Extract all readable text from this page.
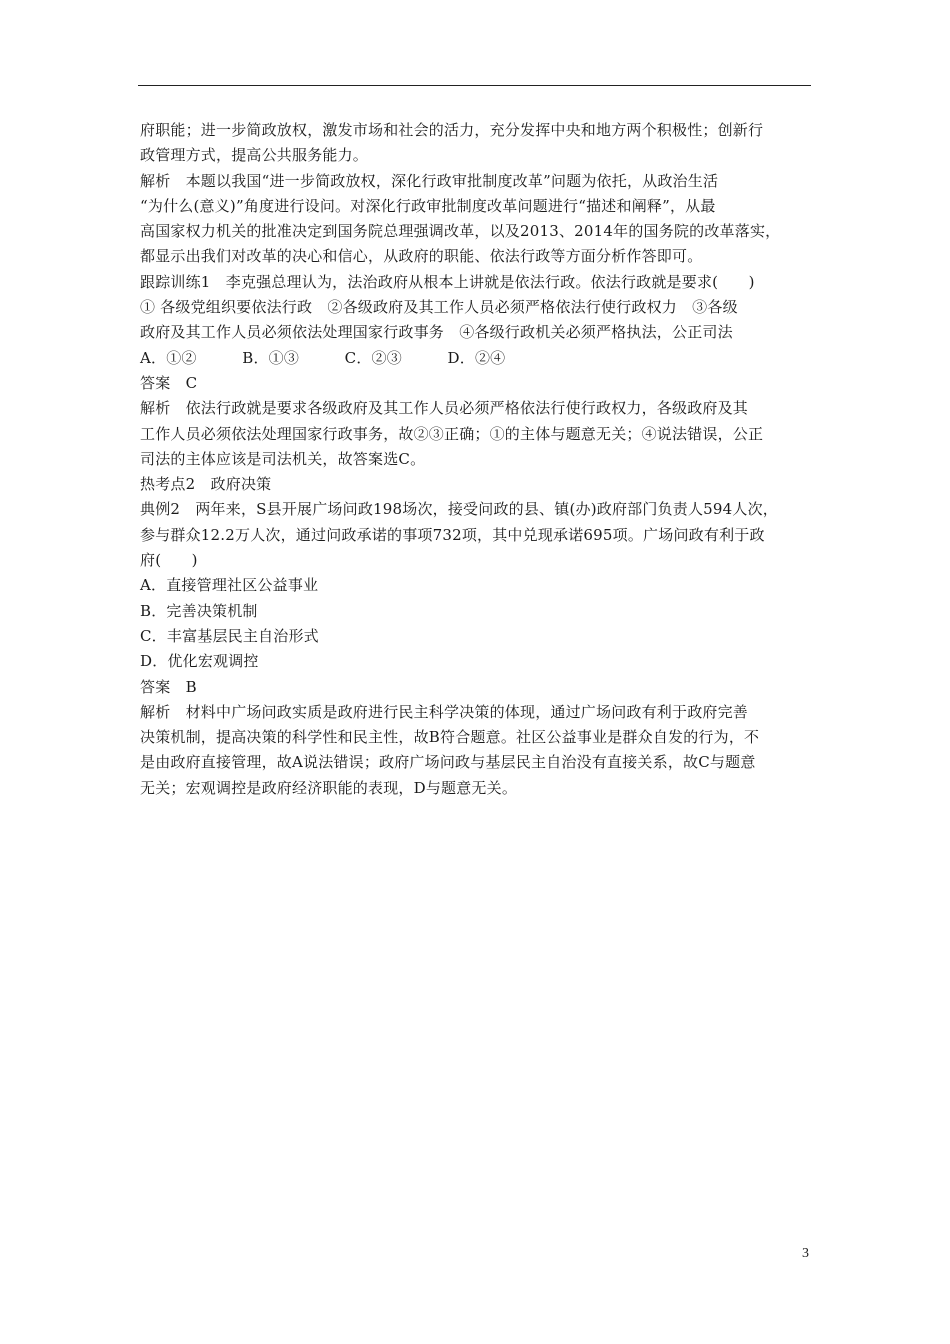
府职能；进一步简政放权，激发市场和社会的活力，充分发挥中央和地方两个积极性；创新行
政管理方式，提高公共服务能力。
解析　本题以我国“进一步简政放权，深化行政审批制度改革”问题为依托，从政治生活
“为什么(意义)”角度进行设问。对深化行政审批制度改革问题进行“描述和阐释”，从最
高国家权力机关的批准决定到国务院总理强调改革，以及2013、2014年的国务院的改革落实，
都显示出我们对改革的决心和信心，从政府的职能、依法行政等方面分析作答即可。
跟踪训练1　李克强总理认为，法治政府从根本上讲就是依法行政。依法行政就是要求(　　)
① 各级党组织要依法行政　②各级政府及其工作人员必须严格依法行使行政权力　③各级
政府及其工作人员必须依法处理国家行政事务　④各级行政机关必须严格执法，公正司法
A．①②　　　B．①③　　　C．②③　　　D．②④
答案　C
解析　依法行政就是要求各级政府及其工作人员必须严格依法行使行政权力，各级政府及其
工作人员必须依法处理国家行政事务，故②③正确；①的主体与题意无关；④说法错误，公正
司法的主体应该是司法机关，故答案选C。
热考点2　政府决策
典例2　两年来，S县开展广场问政198场次，接受问政的县、镇(办)政府部门负责人594人次，
参与群众12.2万人次，通过问政承诺的事项732项，其中兑现承诺695项。广场问政有利于政
府(　　)
A．直接管理社区公益事业
B．完善决策机制
C．丰富基层民主自治形式
D．优化宏观调控
答案　B
解析　材料中广场问政实质是政府进行民主科学决策的体现，通过广场问政有利于政府完善
决策机制，提高决策的科学性和民主性，故B符合题意。社区公益事业是群众自发的行为，不
是由政府直接管理，故A说法错误；政府广场问政与基层民主自治没有直接关系，故C与题意
无关；宏观调控是政府经济职能的表现，D与题意无关。
3
